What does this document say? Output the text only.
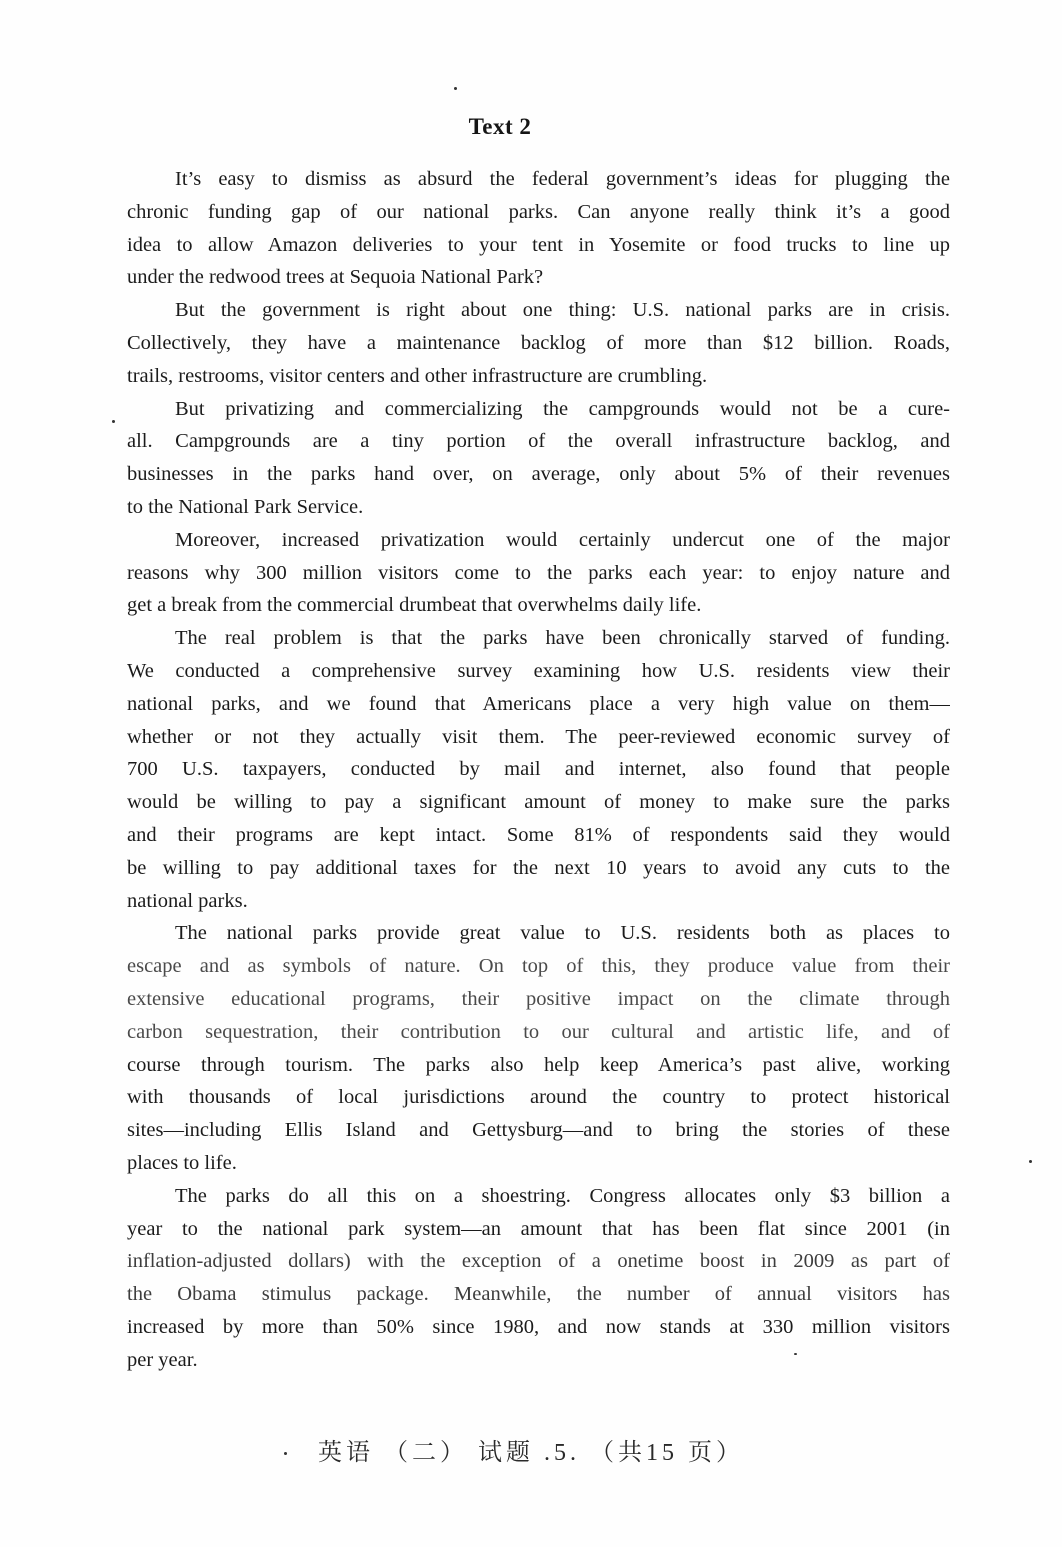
Text 2
It’s easy to dismiss as absurd the federal government’s ideas for plugging the
chronic funding gap of our national parks. Can anyone really think it’s a good
idea to allow Amazon deliveries to your tent in Yosemite or food trucks to line up
under the redwood trees at Sequoia National Park?
But the government is right about one thing: U.S. national parks are in crisis.
Collectively, they have a maintenance backlog of more than $12 billion. Roads,
trails, restrooms, visitor centers and other infrastructure are crumbling.
But privatizing and commercializing the campgrounds would not be a cure-
all. Campgrounds are a tiny portion of the overall infrastructure backlog, and
businesses in the parks hand over, on average, only about 5% of their revenues
to the National Park Service.
Moreover, increased privatization would certainly undercut one of the major
reasons why 300 million visitors come to the parks each year: to enjoy nature and
get a break from the commercial drumbeat that overwhelms daily life.
The real problem is that the parks have been chronically starved of funding.
We conducted a comprehensive survey examining how U.S. residents view their
national parks, and we found that Americans place a very high value on them—
whether or not they actually visit them. The peer-reviewed economic survey of
700 U.S. taxpayers, conducted by mail and internet, also found that people
would be willing to pay a significant amount of money to make sure the parks
and their programs are kept intact. Some 81% of respondents said they would
be willing to pay additional taxes for the next 10 years to avoid any cuts to the
national parks.
The national parks provide great value to U.S. residents both as places to
escape and as symbols of nature. On top of this, they produce value from their
extensive educational programs, their positive impact on the climate through
carbon sequestration, their contribution to our cultural and artistic life, and of
course through tourism. The parks also help keep America’s past alive, working
with thousands of local jurisdictions around the country to protect historical
sites—including Ellis Island and Gettysburg—and to bring the stories of these
places to life.
The parks do all this on a shoestring. Congress allocates only $3 billion a
year to the national park system—an amount that has been flat since 2001 (in
inflation-adjusted dollars) with the exception of a onetime boost in 2009 as part of
the Obama stimulus package. Meanwhile, the number of annual visitors has
increased by more than 50% since 1980, and now stands at 330 million visitors
per year.
英语 （二） 试题 .5. （共15 页）
